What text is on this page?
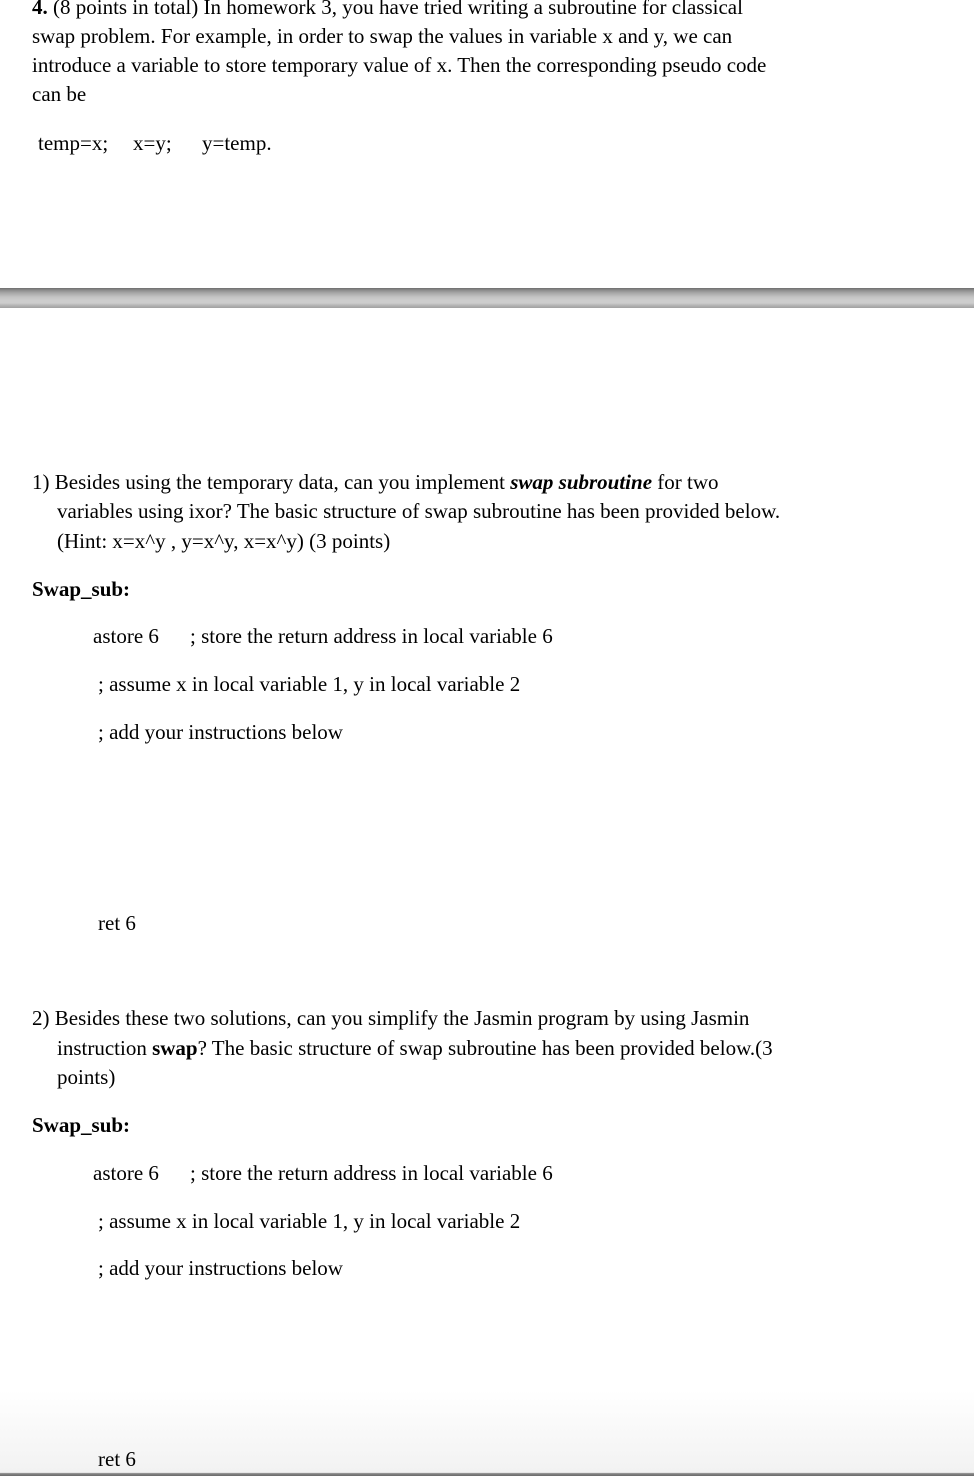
4. (8 points in total) In homework 3, you have tried writing a subroutine for classical
swap problem. For example, in order to swap the values in variable x and y, we can
introduce a variable to store temporary value of x. Then the corresponding pseudo code
can be
temp=x; x=y; y=temp.
1) Besides using the temporary data, can you implement swap subroutine for two
variables using ixor? The basic structure of swap subroutine has been provided below.
(Hint: x=x^y , y=x^y, x=x^y) (3 points)
Swap_sub:
astore 6 ; store the return address in local variable 6
; assume x in local variable 1, y in local variable 2
; add your instructions below
ret 6
2) Besides these two solutions, can you simplify the Jasmin program by using Jasmin
instruction swap? The basic structure of swap subroutine has been provided below.(3
points)
Swap_sub:
astore 6 ; store the return address in local variable 6
; assume x in local variable 1, y in local variable 2
; add your instructions below
ret 6
